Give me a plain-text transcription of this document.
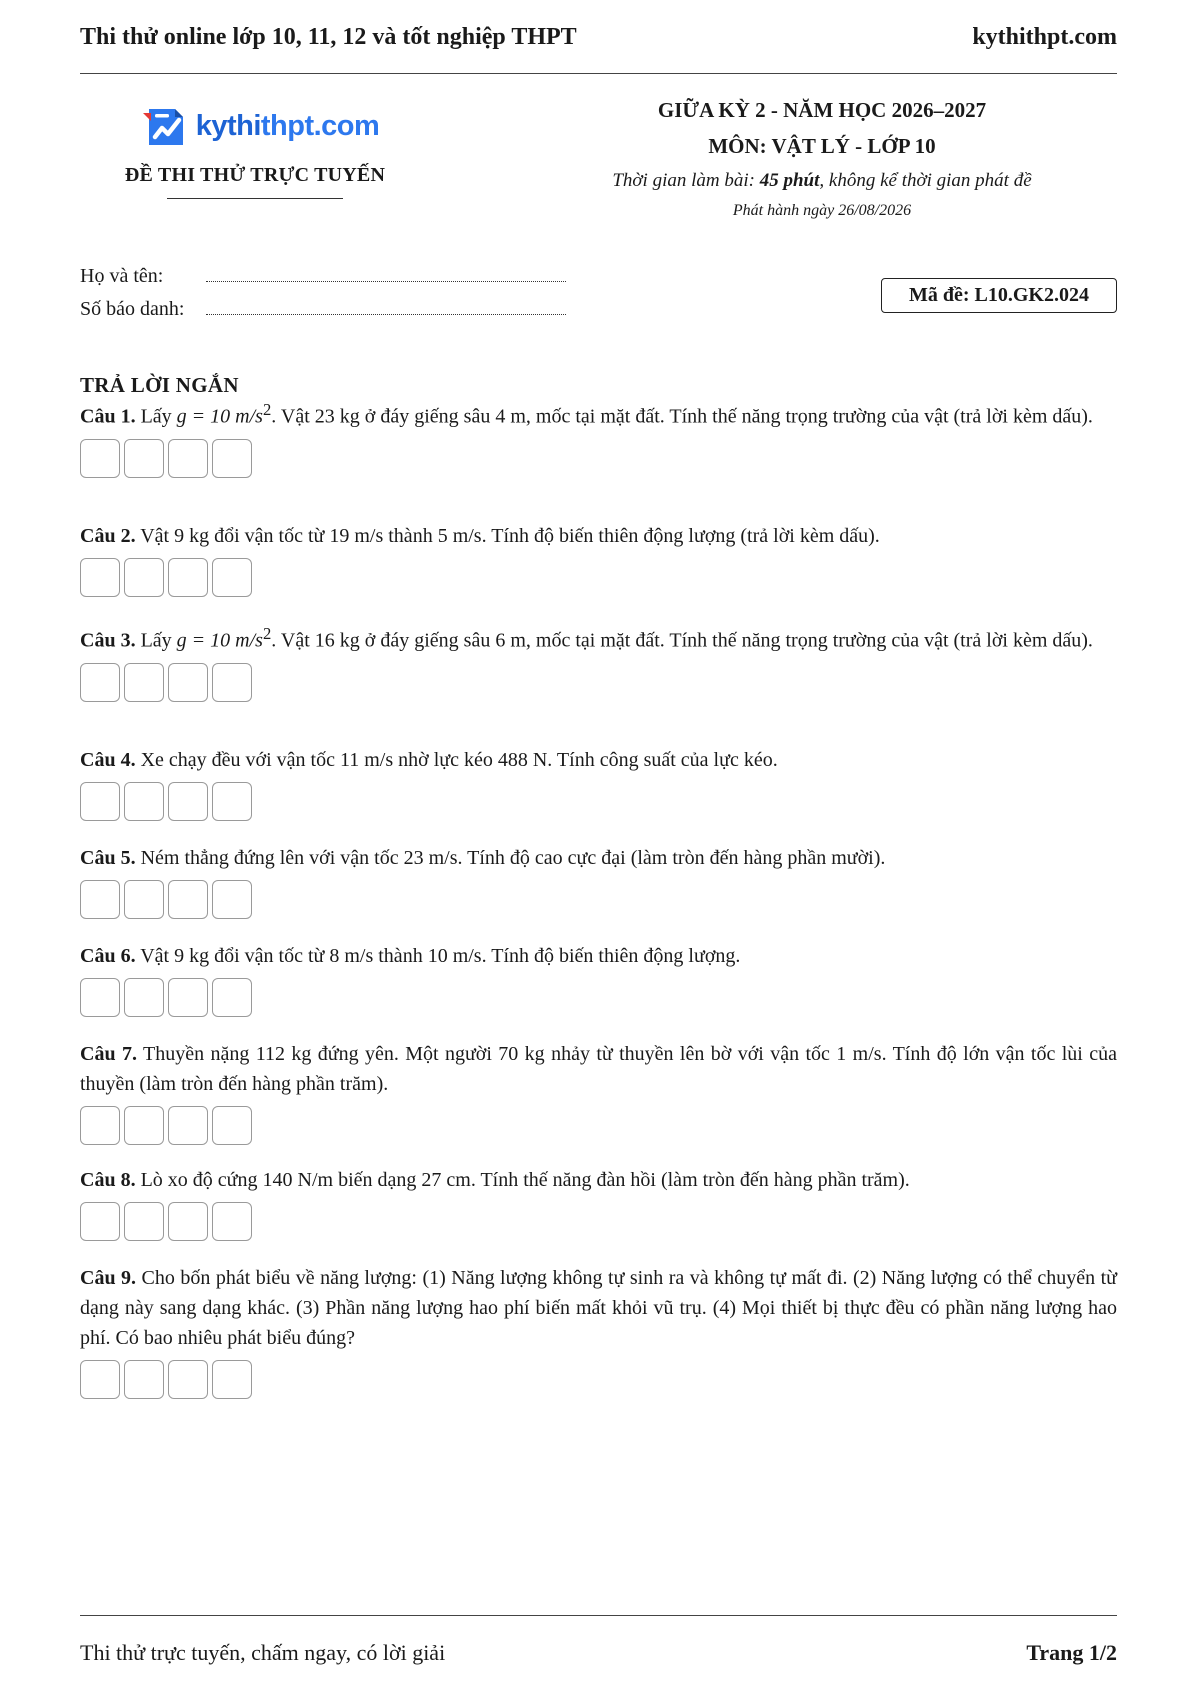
Thi thử online lớp 10, 11, 12 và tốt nghiệp THPT	kythithpt.com
kythithpt.com
ĐỀ THI THỬ TRỰC TUYẾN
GIỮA KỲ 2 - NĂM HỌC 2026–2027
MÔN: VẬT LÝ - LỚP 10
Thời gian làm bài: 45 phút, không kể thời gian phát đề
Phát hành ngày 26/08/2026
Họ và tên:
Số báo danh:
Mã đề: L10.GK2.024
TRẢ LỜI NGẮN
Câu 1. Lấy g = 10 $m/s^2$. Vật 23 kg ở đáy giếng sâu 4 m, mốc tại mặt đất. Tính thế năng trọng trường của vật (trả lời kèm dấu).
Câu 2. Vật 9 kg đổi vận tốc từ 19 m/s thành 5 m/s. Tính độ biến thiên động lượng (trả lời kèm dấu).
Câu 3. Lấy g = 10 $m/s^2$. Vật 16 kg ở đáy giếng sâu 6 m, mốc tại mặt đất. Tính thế năng trọng trường của vật (trả lời kèm dấu).
Câu 4. Xe chạy đều với vận tốc 11 m/s nhờ lực kéo 488 N. Tính công suất của lực kéo.
Câu 5. Ném thẳng đứng lên với vận tốc 23 m/s. Tính độ cao cực đại (làm tròn đến hàng phần mười).
Câu 6. Vật 9 kg đổi vận tốc từ 8 m/s thành 10 m/s. Tính độ biến thiên động lượng.
Câu 7. Thuyền nặng 112 kg đứng yên. Một người 70 kg nhảy từ thuyền lên bờ với vận tốc 1 m/s. Tính độ lớn vận tốc lùi của thuyền (làm tròn đến hàng phần trăm).
Câu 8. Lò xo độ cứng 140 N/m biến dạng 27 cm. Tính thế năng đàn hồi (làm tròn đến hàng phần trăm).
Câu 9. Cho bốn phát biểu về năng lượng: (1) Năng lượng không tự sinh ra và không tự mất đi. (2) Năng lượng có thể chuyển từ dạng này sang dạng khác. (3) Phần năng lượng hao phí biến mất khỏi vũ trụ. (4) Mọi thiết bị thực đều có phần năng lượng hao phí. Có bao nhiêu phát biểu đúng?
Thi thử trực tuyến, chấm ngay, có lời giải	Trang 1/2
